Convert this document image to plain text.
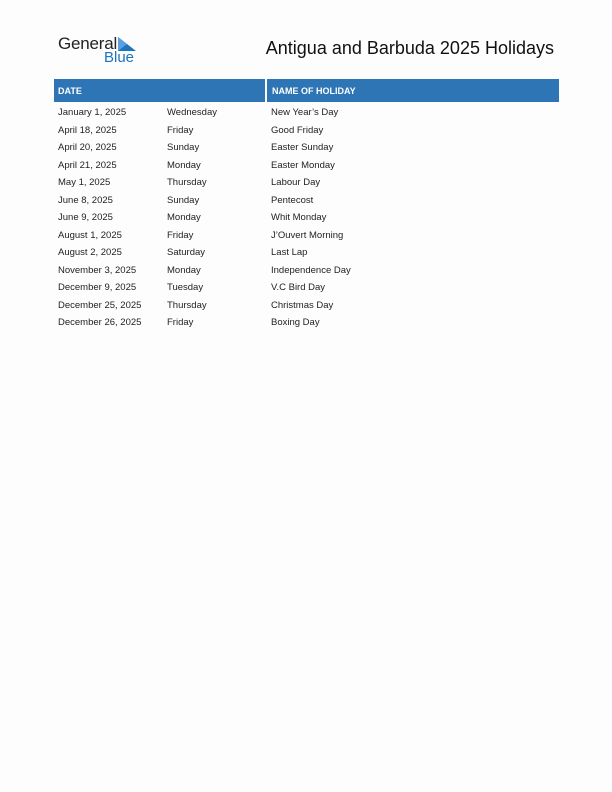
General
Blue	Antigua and Barbuda 2025 Holidays
DATE	NAME OF HOLIDAY
January 1, 2025	Wednesday	New Year’s Day
April 18, 2025	Friday	Good Friday
April 20, 2025	Sunday	Easter Sunday
April 21, 2025	Monday	Easter Monday
May 1, 2025	Thursday	Labour Day
June 8, 2025	Sunday	Pentecost
June 9, 2025	Monday	Whit Monday
August 1, 2025	Friday	J’Ouvert Morning
August 2, 2025	Saturday	Last Lap
November 3, 2025	Monday	Independence Day
December 9, 2025	Tuesday	V.C Bird Day
December 25, 2025	Thursday	Christmas Day
December 26, 2025	Friday	Boxing Day
